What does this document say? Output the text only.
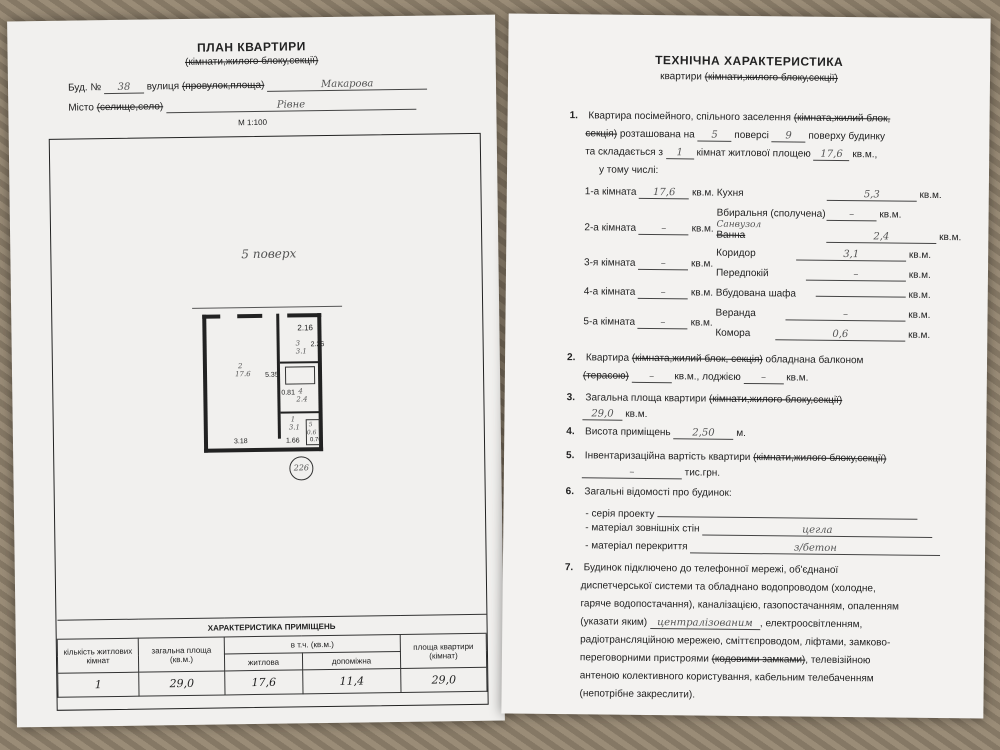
ПЛАН КВАРТИРИ
(кімнати,жилого блоку,секції)
Буд. № 38 вулиця (провулок,площа)	Макарова
Місто (селище,село)	Рівне
М 1:100
5 поверх
2.16
3
3.1
2.26
2
17.6 5.35
0.81 4
2.4
1
3.1 5
0.6
3.18	1.66 0.76
226
ХАРАКТЕРИСТИКА ПРИМІЩЕНЬ				
кількість житлових кімнат	загальна площа (кв.м.)	в т.ч. (кв.м.)		площа квартири (кімнат)
		житлова	допоміжна	
1	29,0	17,6	11,4	29,0
ТЕХНІЧНА ХАРАКТЕРИСТИКА
квартири (кімнати,жилого блоку,секції)
1. Квартира посімейного, спільного заселення (кімната,жилий блок,
секція) розташована на 5 поверсі 9 поверху будинку
та складається з 1 кімнат житлової площею 17,6 кв.м.,
у тому числі:
1-а кімната 17,6 кв.м.
2-а кімната	–	кв.м.
3-я кімната	–	кв.м.
4-а кімната	–	кв.м.
5-а кімната	–	кв.м.
Кухня	5,3	кв.м.
Вбиральня (сполучена) –	кв.м.
Санвузол
Ванна	2,4	кв.м.
Коридор	3,1	кв.м.
Передпокій	–	кв.м.
Вбудована шафа	кв.м.
Веранда	–	кв.м.
Комора	0,6	кв.м.
2. Квартира (кімната,жилий блок, секція) обладнана балконом
(терасою) – кв.м., лоджією – кв.м.
3. Загальна площа квартири (кімнати,жилого блоку,секції)
29,0 кв.м.
4. Висота приміщень 2,50 м.
5. Інвентаризаційна вартість квартири (кімнати,жилого блоку,секції)
–	тис.грн.
6. Загальні відомості про будинок:
- серія проекту
- матеріал зовнішніх стін	цегла
- матеріал перекриття	з/бетон
7. Будинок підключено до телефонної мережі, об'єднаної
диспетчерської системи та обладнано водопроводом (холодне,
гаряче водопостачання), каналізацією, газопостачанням, опаленням
(указати яким) централізованим , електроосвітленням,
радіотрансляційною мережею, сміттєпроводом, ліфтами, замково-
переговорними пристроями (кодовими замками), телевізійною
антеною колективного користування, кабельним телебаченням
(непотрібне закреслити).
